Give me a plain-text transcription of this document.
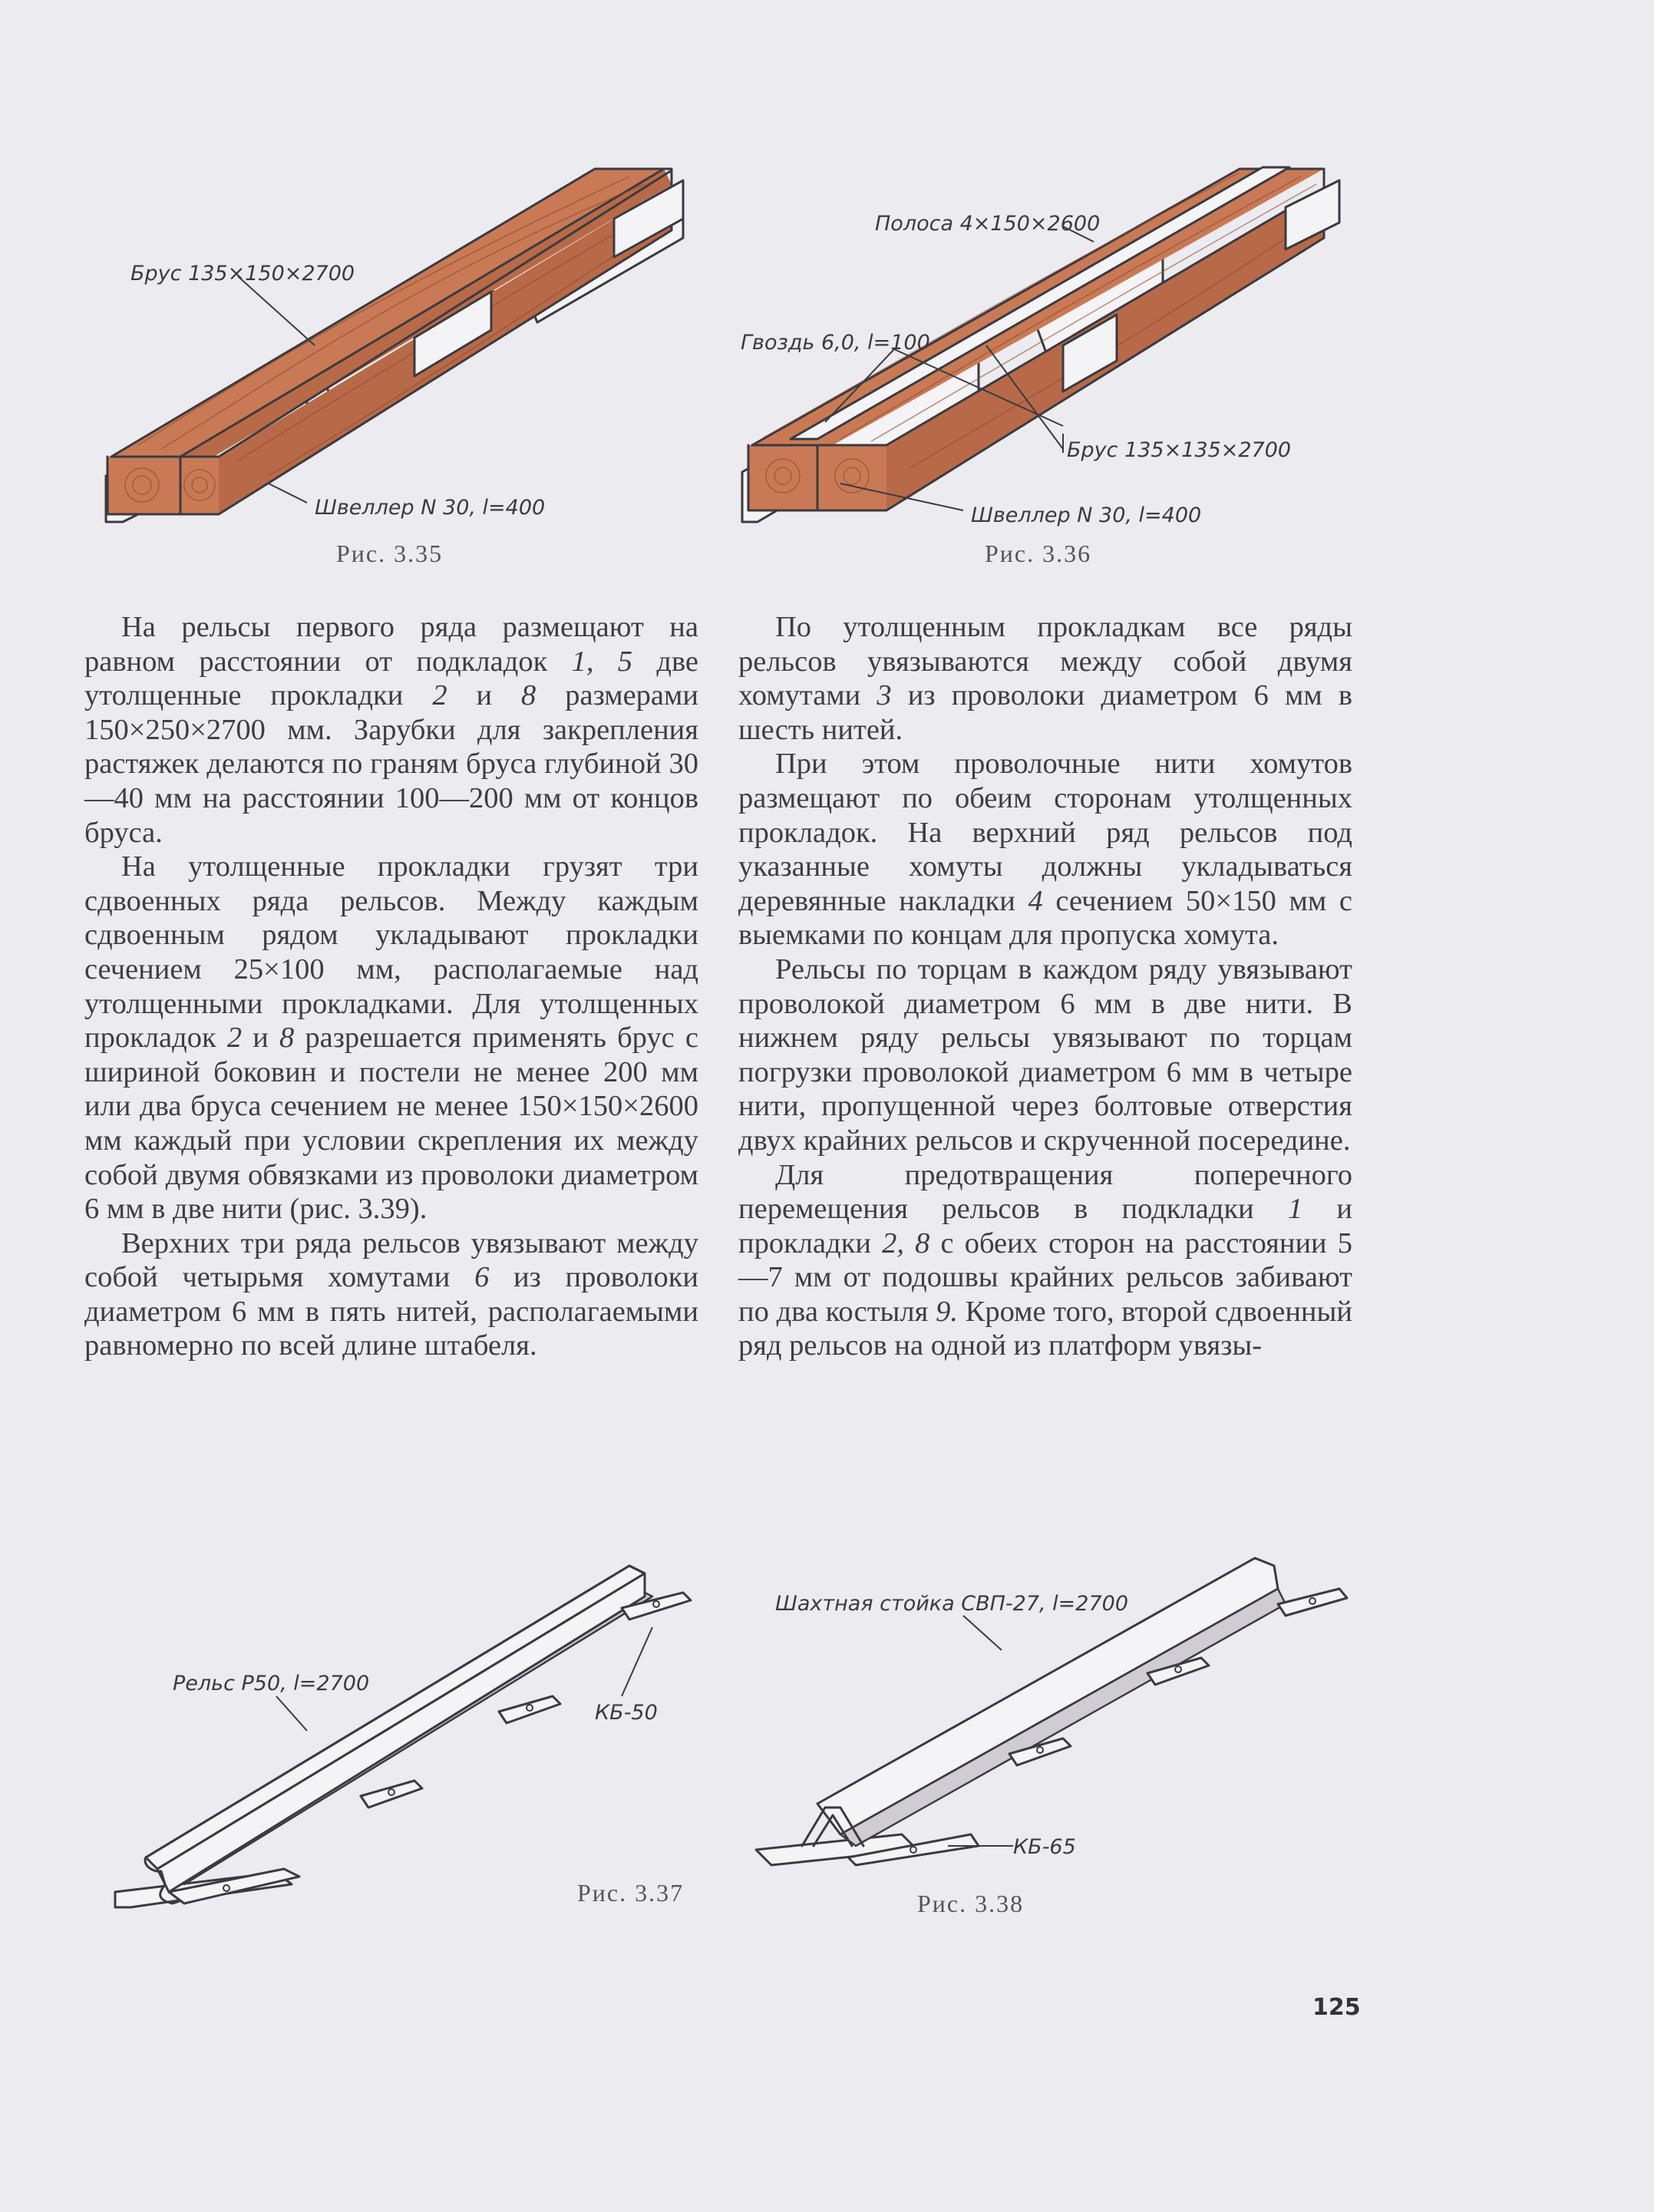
Брус 135×150×2700
Швеллер N 30, l=400
Рис. 3.35
Полоса 4×150×2600
Гвоздь 6,0, l=100
Брус 135×135×2700
Швеллер N 30, l=400
Рис. 3.36

На рельсы первого ряда размещают на равном расстоянии от подкладок 1, 5 две утолщенные прокладки 2 и 8 размерами 150×250×2700 мм. Зарубки для закрепления растяжек делаются по граням бруса глубиной 30—40 мм на расстоянии 100—200 мм от концов бруса.

На утолщенные прокладки грузят три сдвоенных ряда рельсов. Между каждым сдвоенным рядом укладывают прокладки сечением 25×100 мм, располагаемые над утолщенными прокладками. Для утолщенных прокладок 2 и 8 разрешается применять брус с шириной боковин и постели не менее 200 мм или два бруса сечением не менее 150×150×2600 мм каждый при условии скрепления их между собой двумя обвязками из проволоки диаметром 6 мм в две нити (рис. 3.39).

Верхних три ряда рельсов увязывают между собой четырьмя хомутами 6 из проволоки диаметром 6 мм в пять нитей, располагаемыми равномерно по всей длине штабеля.

По утолщенным прокладкам все ряды рельсов увязываются между собой двумя хомутами 3 из проволоки диаметром 6 мм в шесть нитей.

При этом проволочные нити хомутов размещают по обеим сторонам утолщенных прокладок. На верхний ряд рельсов под указанные хомуты должны укладываться деревянные накладки 4 сечением 50×150 мм с выемками по концам для пропуска хомута.

Рельсы по торцам в каждом ряду увязывают проволокой диаметром 6 мм в две нити. В нижнем ряду рельсы увязывают по торцам погрузки проволокой диаметром 6 мм в четыре нити, пропущенной через болтовые отверстия двух крайних рельсов и скрученной посередине.

Для предотвращения поперечного перемещения рельсов в подкладки 1 и прокладки 2, 8 с обеих сторон на расстоянии 5—7 мм от подошвы крайних рельсов забивают по два костыля 9. Кроме того, второй сдвоенный ряд рельсов на одной из платформ увязы-

Рельс Р50, l=2700
КБ-50
Рис. 3.37
Шахтная стойка СВП-27, l=2700
КБ-65
Рис. 3.38
125
